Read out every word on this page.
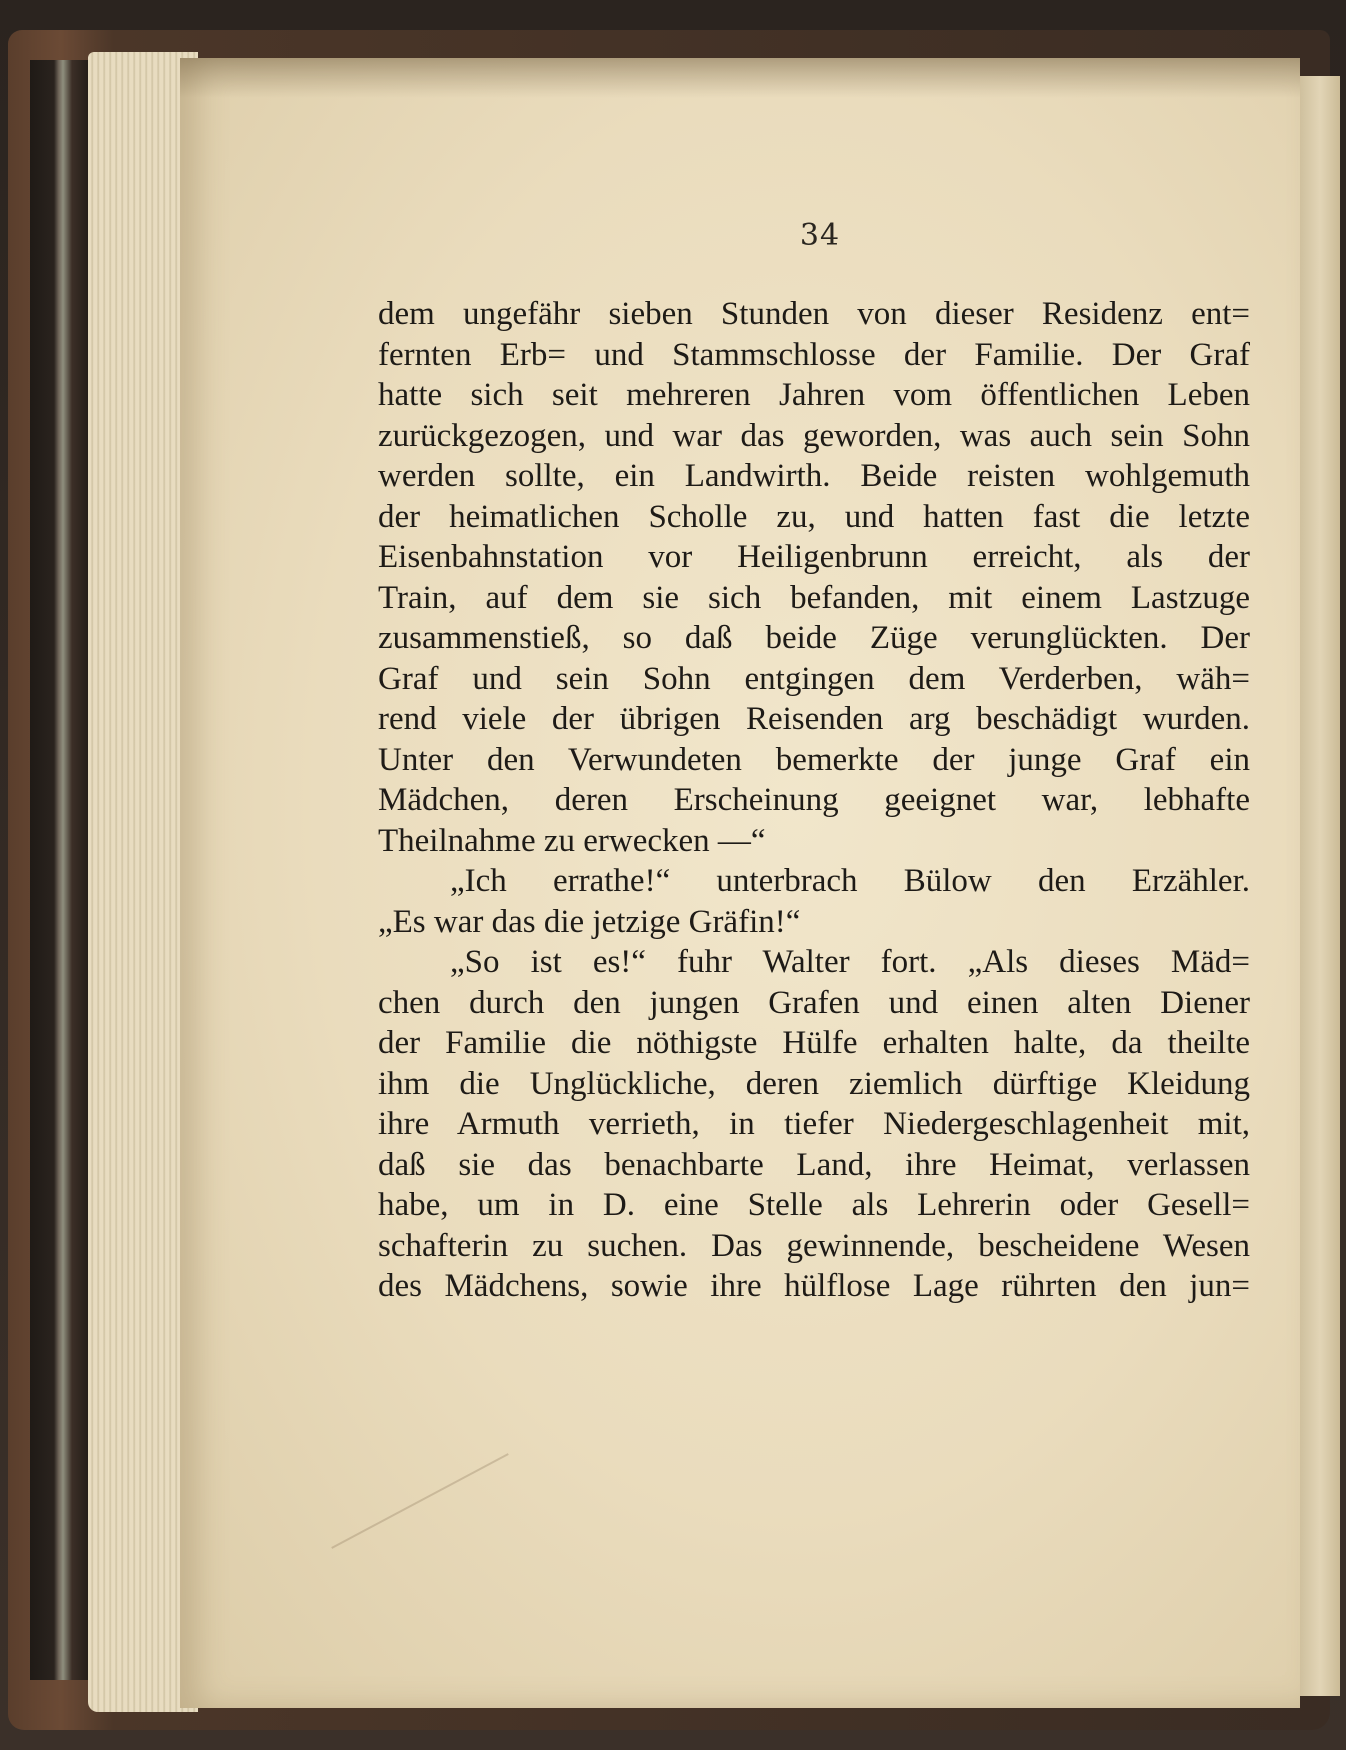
34
dem ungefähr sieben Stunden von dieser Residenz ent=
fernten Erb= und Stammschlosse der Familie. Der Graf
hatte sich seit mehreren Jahren vom öffentlichen Leben
zurückgezogen, und war das geworden, was auch sein Sohn
werden sollte, ein Landwirth. Beide reisten wohlgemuth
der heimatlichen Scholle zu, und hatten fast die letzte
Eisenbahnstation vor Heiligenbrunn erreicht, als der
Train, auf dem sie sich befanden, mit einem Lastzuge
zusammenstieß, so daß beide Züge verunglückten. Der
Graf und sein Sohn entgingen dem Verderben, wäh=
rend viele der übrigen Reisenden arg beschädigt wurden.
Unter den Verwundeten bemerkte der junge Graf ein
Mädchen, deren Erscheinung geeignet war, lebhafte
Theilnahme zu erwecken —“
„Ich errathe!“ unterbrach Bülow den Erzähler.
„Es war das die jetzige Gräfin!“
„So ist es!“ fuhr Walter fort. „Als dieses Mäd=
chen durch den jungen Grafen und einen alten Diener
der Familie die nöthigste Hülfe erhalten halte, da theilte
ihm die Unglückliche, deren ziemlich dürftige Kleidung
ihre Armuth verrieth, in tiefer Niedergeschlagenheit mit,
daß sie das benachbarte Land, ihre Heimat, verlassen
habe, um in D. eine Stelle als Lehrerin oder Gesell=
schafterin zu suchen. Das gewinnende, bescheidene Wesen
des Mädchens, sowie ihre hülflose Lage rührten den jun=
